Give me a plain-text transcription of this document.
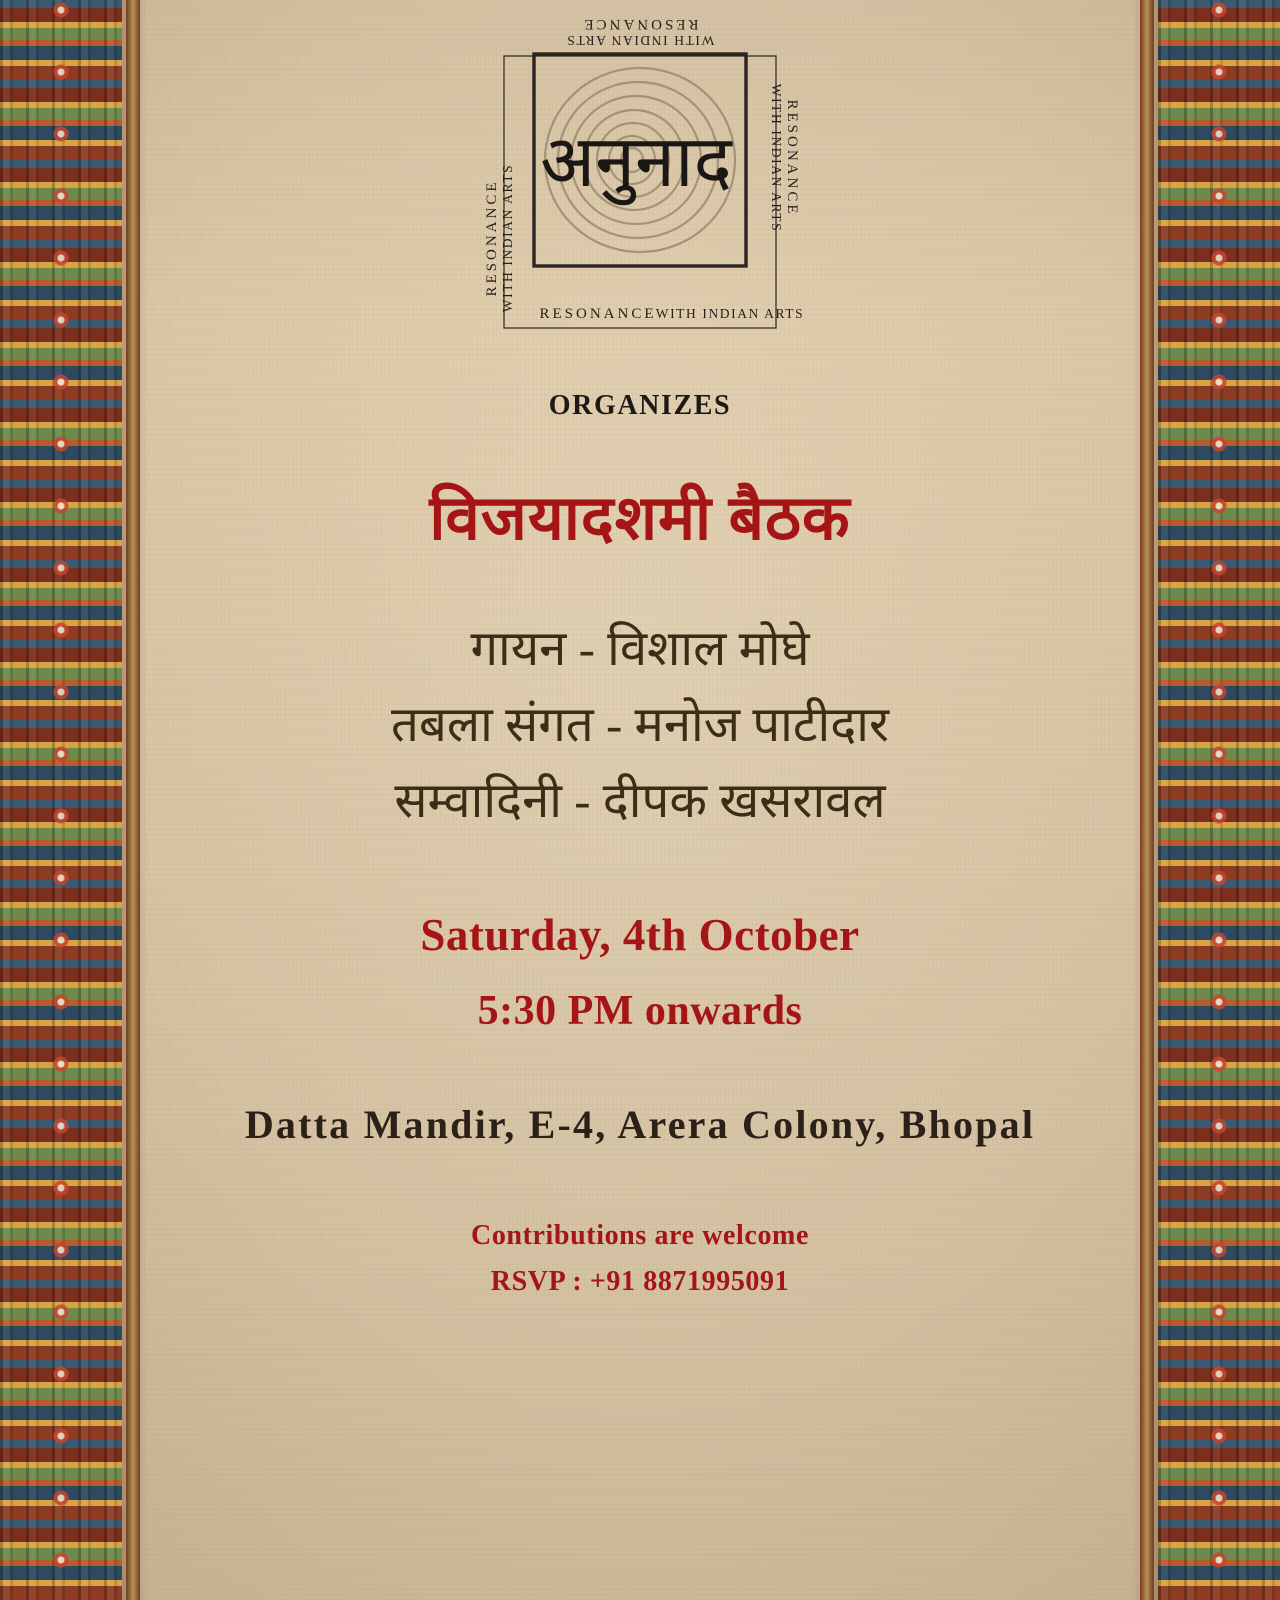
RESONANCE
WITH INDIAN ARTS
RESONANCE WITH INDIAN ARTS
RESONANCE
WITH INDIAN ARTS
अनुनाद
RESONANCE WITH INDIAN ARTS
ORGANIZES
विजयादशमी बैठक
गायन - विशाल मोघे
तबला संगत - मनोज पाटीदार
सम्वादिनी - दीपक खसरावल
Saturday, 4th October
5:30 PM onwards
Datta Mandir, E-4, Arera Colony, Bhopal
Contributions are welcome
RSVP : +91 8871995091
